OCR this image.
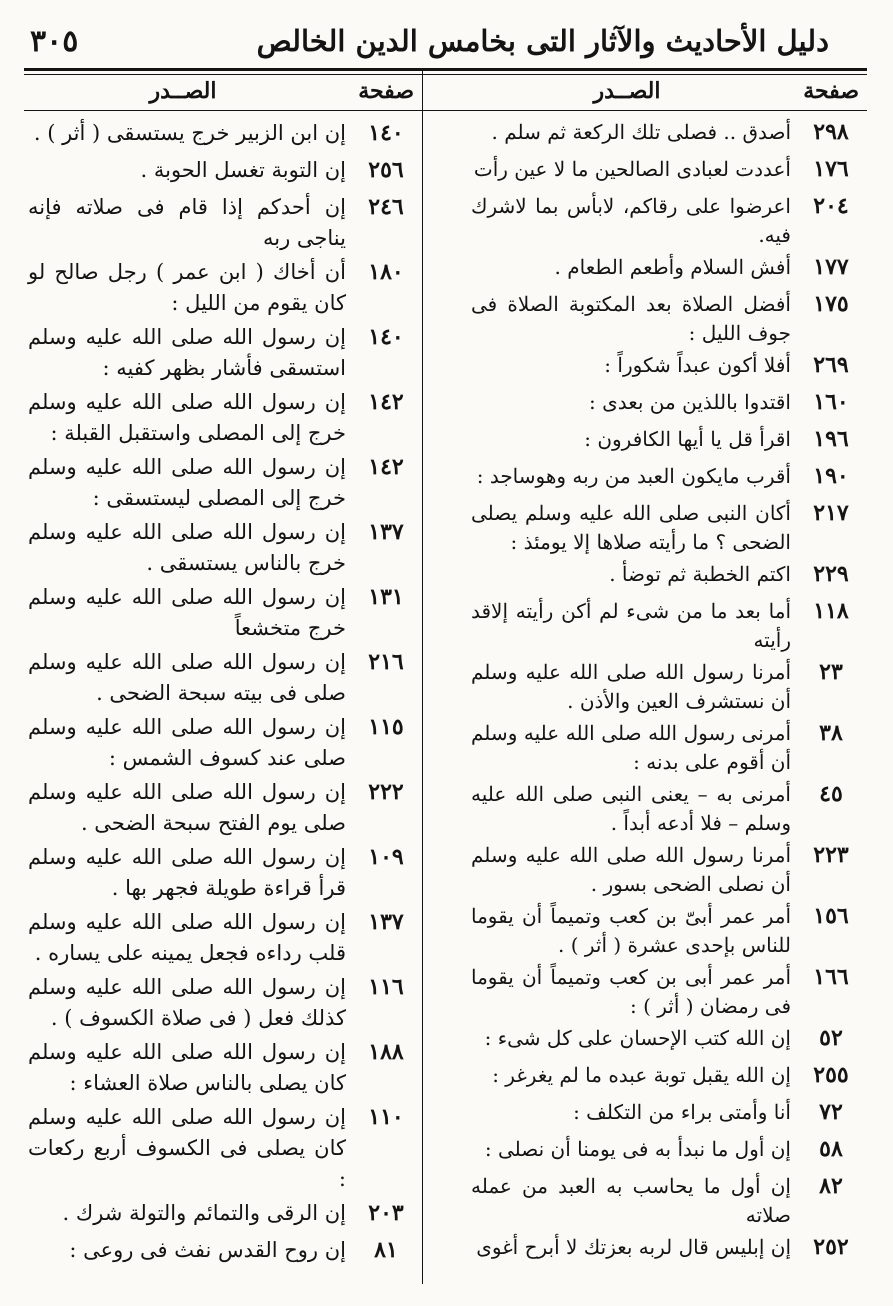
دليل الأحاديث والآثار التى بخامس الدين الخالص
٣٠٥
صفحة
الصــدر
٢٩٨
أصدق .. فصلى تلك الركعة ثم سلم .
١٧٦
أعددت لعبادى الصالحين ما لا عين رأت
٢٠٤
اعرضوا على رقاكم، لابأس بما لاشرك فيه.
١٧٧
أفش السلام وأطعم الطعام .
١٧٥
أفضل الصلاة بعد المكتوبة الصلاة فى جوف الليل :
٢٦٩
أفلا أكون عبداً شكوراً :
١٦٠
اقتدوا باللذين من بعدى :
١٩٦
اقرأ قل يا أيها الكافرون :
١٩٠
أقرب مايكون العبد من ربه وهوساجد :
٢١٧
أكان النبى صلى الله عليه وسلم يصلى الضحى ؟ ما رأيته صلاها إلا يومئذ :
٢٢٩
اكتم الخطبة ثم توضأ .
١١٨
أما بعد ما من شىء لم أكن رأيته إلاقد رأيته
٢٣
أمرنا رسول الله صلى الله عليه وسلم أن نستشرف العين والأذن .
٣٨
أمرنى رسول الله صلى الله عليه وسلم أن أقوم على بدنه :
٤٥
أمرنى به – يعنى النبى صلى الله عليه وسلم – فلا أدعه أبداً .
٢٢٣
أمرنا رسول الله صلى الله عليه وسلم أن نصلى الضحى بسور .
١٥٦
أمر عمر أبىّ بن كعب وتميماً أن يقوما للناس بإحدى عشرة ( أثر ) .
١٦٦
أمر عمر أبى بن كعب وتميماً أن يقوما فى رمضان ( أثر ) :
٥٢
إن الله كتب الإحسان على كل شىء :
٢٥٥
إن الله يقبل توبة عبده ما لم يغرغر :
٧٢
أنا وأمتى براء من التكلف :
٥٨
إن أول ما نبدأ به فى يومنا أن نصلى :
٨٢
إن أول ما يحاسب به العبد من عمله صلاته
٢٥٢
إن إبليس قال لربه بعزتك لا أبرح أغوى
صفحة
الصــدر
١٤٠
إن ابن الزبير خرج يستسقى ( أثر ) .
٢٥٦
إن التوبة تغسل الحوبة .
٢٤٦
إن أحدكم إذا قام فى صلاته فإنه يناجى ربه
١٨٠
أن أخاك ( ابن عمر ) رجل صالح لو كان يقوم من الليل :
١٤٠
إن رسول الله صلى الله عليه وسلم استسقى فأشار بظهر كفيه :
١٤٢
إن رسول الله صلى الله عليه وسلم خرج إلى المصلى واستقبل القبلة :
١٤٢
إن رسول الله صلى الله عليه وسلم خرج إلى المصلى ليستسقى :
١٣٧
إن رسول الله صلى الله عليه وسلم خرج بالناس يستسقى .
١٣١
إن رسول الله صلى الله عليه وسلم خرج متخشعاً
٢١٦
إن رسول الله صلى الله عليه وسلم صلى فى بيته سبحة الضحى .
١١٥
إن رسول الله صلى الله عليه وسلم صلى عند كسوف الشمس :
٢٢٢
إن رسول الله صلى الله عليه وسلم صلى يوم الفتح سبحة الضحى .
١٠٩
إن رسول الله صلى الله عليه وسلم قرأ قراءة طويلة فجهر بها .
١٣٧
إن رسول الله صلى الله عليه وسلم قلب رداءه فجعل يمينه على يساره .
١١٦
إن رسول الله صلى الله عليه وسلم كذلك فعل ( فى صلاة الكسوف ) .
١٨٨
إن رسول الله صلى الله عليه وسلم كان يصلى بالناس صلاة العشاء :
١١٠
إن رسول الله صلى الله عليه وسلم كان يصلى فى الكسوف أربع ركعات :
٢٠٣
إن الرقى والتمائم والتولة شرك .
٨١
إن روح القدس نفث فى روعى :
